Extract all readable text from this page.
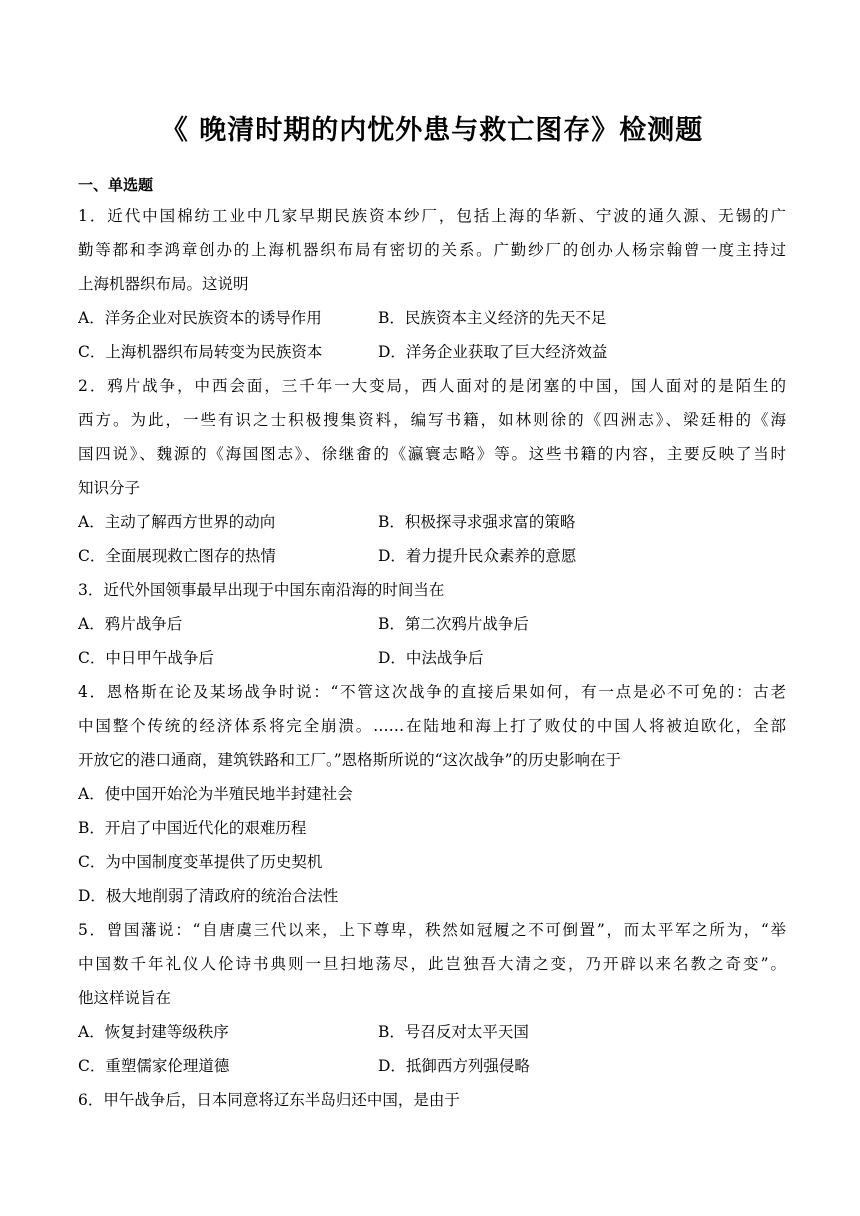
《 晚清时期的内忧外患与救亡图存》检测题
一、单选题
1．近代中国棉纺工业中几家早期民族资本纱厂，包括上海的华新、宁波的通久源、无锡的广
勤等都和李鸿章创办的上海机器织布局有密切的关系。广勤纱厂的创办人杨宗翰曾一度主持过
上海机器织布局。这说明
A．洋务企业对民族资本的诱导作用	B．民族资本主义经济的先天不足
C．上海机器织布局转变为民族资本	D．洋务企业获取了巨大经济效益
2．鸦片战争，中西会面，三千年一大变局，西人面对的是闭塞的中国，国人面对的是陌生的
西方。为此，一些有识之士积极搜集资料，编写书籍，如林则徐的《四洲志》、梁廷枏的《海
国四说》、魏源的《海国图志》、徐继畬的《瀛寰志略》等。这些书籍的内容，主要反映了当时
知识分子
A．主动了解西方世界的动向	B．积极探寻求强求富的策略
C．全面展现救亡图存的热情	D．着力提升民众素养的意愿
3．近代外国领事最早出现于中国东南沿海的时间当在
A．鸦片战争后	B．第二次鸦片战争后
C．中日甲午战争后	D．中法战争后
4．恩格斯在论及某场战争时说：“不管这次战争的直接后果如何，有一点是必不可免的：古老
中国整个传统的经济体系将完全崩溃。……在陆地和海上打了败仗的中国人将被迫欧化，全部
开放它的港口通商，建筑铁路和工厂。”恩格斯所说的“这次战争”的历史影响在于
A．使中国开始沦为半殖民地半封建社会
B．开启了中国近代化的艰难历程
C．为中国制度变革提供了历史契机
D．极大地削弱了清政府的统治合法性
5．曾国藩说：“自唐虞三代以来，上下尊卑，秩然如冠履之不可倒置”，而太平军之所为，“举
中国数千年礼仪人伦诗书典则一旦扫地荡尽，此岂独吾大清之变，乃开辟以来名教之奇变”。
他这样说旨在
A．恢复封建等级秩序	B．号召反对太平天国
C．重塑儒家伦理道德	D．抵御西方列强侵略
6．甲午战争后，日本同意将辽东半岛归还中国，是由于
